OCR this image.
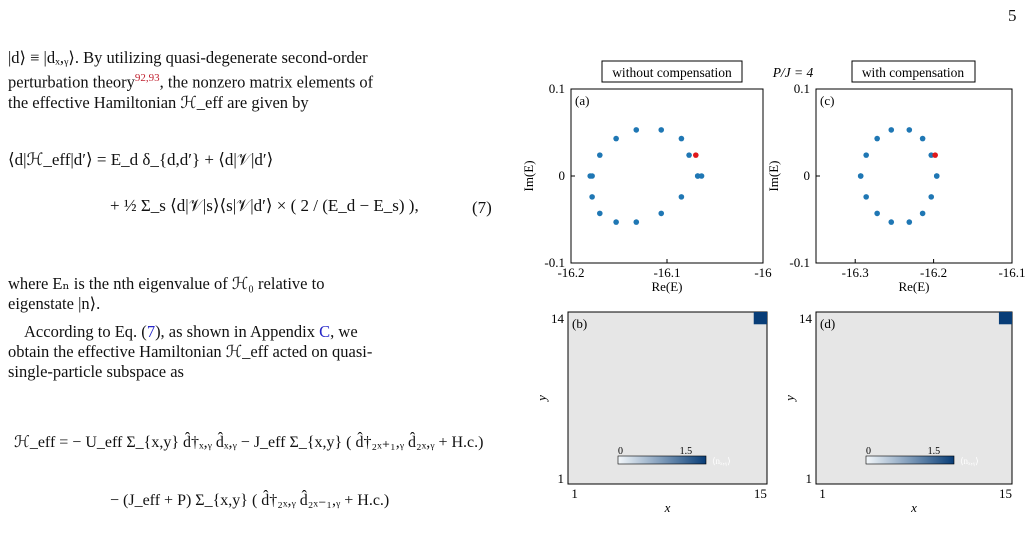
5
|d⟩ ≡ |dₓ,ᵧ⟩. By utilizing quasi-degenerate second-order
perturbation theory$^{92,93}$, the nonzero matrix elements of
the effective Hamiltonian ℋ_eff are given by
⟨d|ℋ_eff|d′⟩ = E_d δ_{d,d′} + ⟨d|𝒱|d′⟩
+ ½ Σ_s ⟨d|𝒱|s⟩⟨s|𝒱|d′⟩ × ( 2 / (E_d − E_s) ),	(7)
where Eₙ is the nth eigenvalue of ℋ₀ relative to
eigenstate |n⟩.
According to Eq. (7), as shown in Appendix C, we
obtain the effective Hamiltonian ℋ_eff acted on quasi-
single-particle subspace as
ℋ_eff = − U_eff Σ_{x,y} d̂†ₓ,ᵧ d̂ₓ,ᵧ − J_eff Σ_{x,y} ( d̂†₂ₓ₊₁,ᵧ d̂₂ₓ,ᵧ + H.c.)
− (J_eff + P) Σ_{x,y} ( d̂†₂ₓ,ᵧ d̂₂ₓ₋₁,ᵧ + H.c.)
without compensation	P/J = 4	with compensation
-16.2	-16.1	-16
0.1
0
-0.1
Re(E)
Im(E)
(a)
-16.3	-16.2	-16.1
0.1
0
-0.1
Re(E)
Im(E)
(c)
1	15
14
1
x
y
(b)
0	1.5
⟨nₓ,ᵧ⟩
1	15
14
1
x
y
(d)
0	1.5
⟨nₓ,ᵧ⟩
